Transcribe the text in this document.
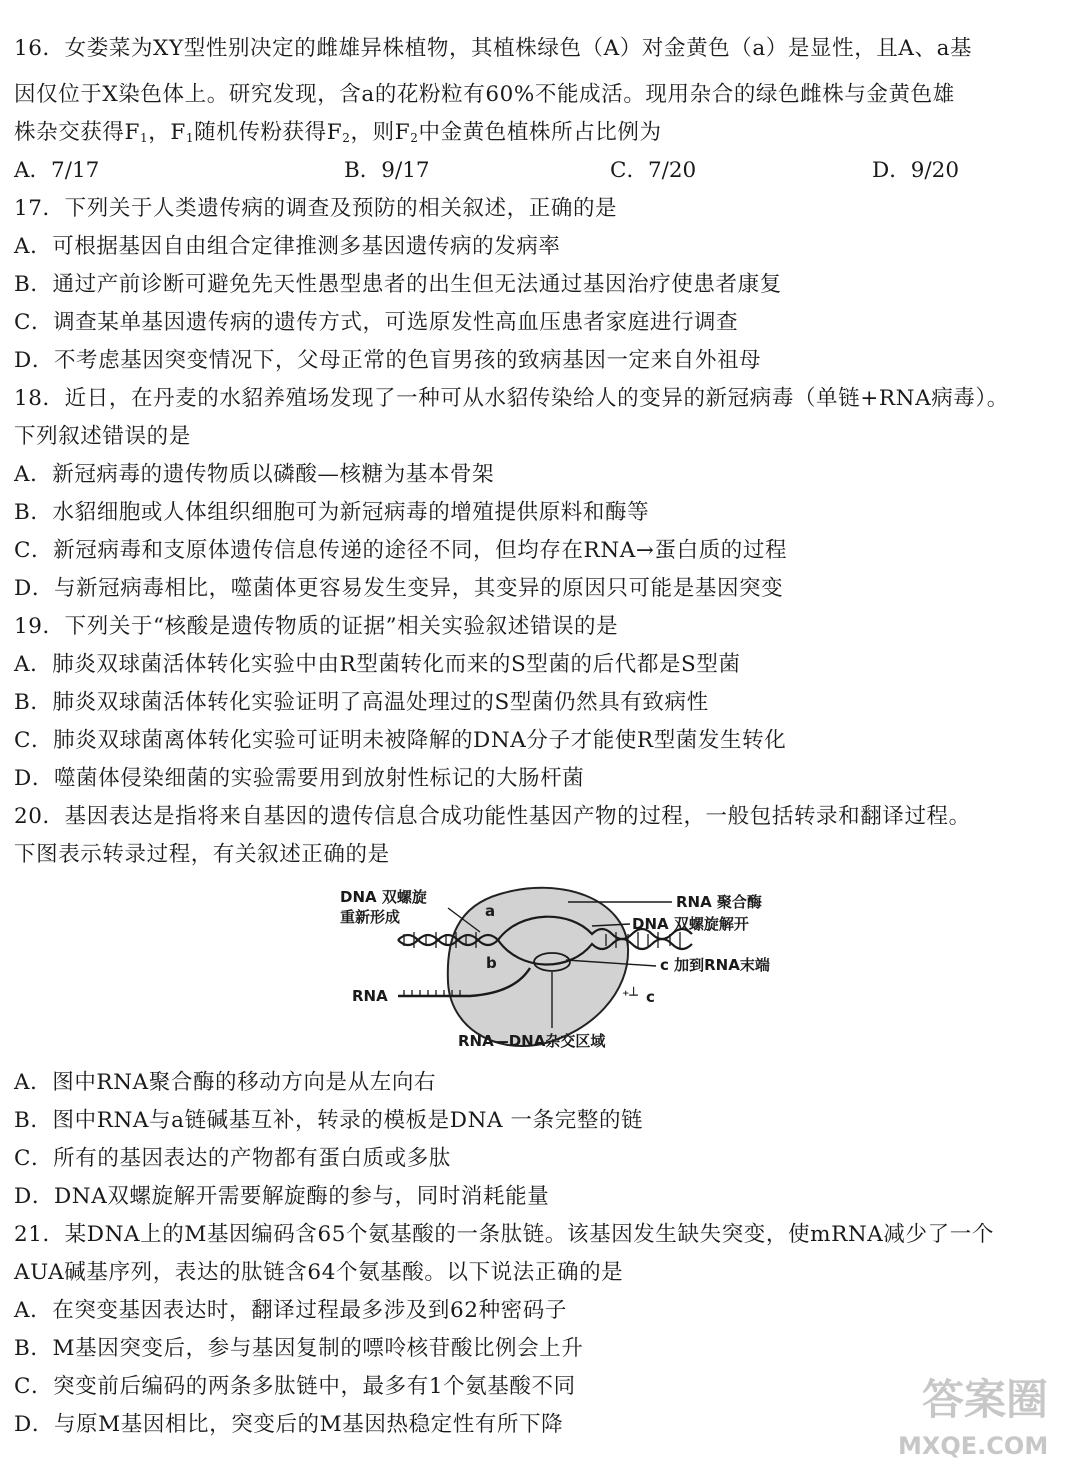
16．女娄菜为XY型性别决定的雌雄异株植物，其植株绿色（A）对金黄色（a）是显性，且A、a基
因仅位于X染色体上。研究发现，含a的花粉粒有60%不能成活。现用杂合的绿色雌株与金黄色雄
株杂交获得$F_1$，$F_1$随机传粉获得$F_2$，则$F_2$中金黄色植株所占比例为
A．7/17	B．9/17	C．7/20	D．9/20
17．下列关于人类遗传病的调查及预防的相关叙述，正确的是
A．可根据基因自由组合定律推测多基因遗传病的发病率
B．通过产前诊断可避免先天性愚型患者的出生但无法通过基因治疗使患者康复
C．调查某单基因遗传病的遗传方式，可选原发性高血压患者家庭进行调查
D．不考虑基因突变情况下，父母正常的色盲男孩的致病基因一定来自外祖母
18．近日，在丹麦的水貂养殖场发现了一种可从水貂传染给人的变异的新冠病毒（单链+RNA病毒）。
下列叙述错误的是
A．新冠病毒的遗传物质以磷酸—核糖为基本骨架
B．水貂细胞或人体组织细胞可为新冠病毒的增殖提供原料和酶等
C．新冠病毒和支原体遗传信息传递的途径不同，但均存在RNA→蛋白质的过程
D．与新冠病毒相比，噬菌体更容易发生变异，其变异的原因只可能是基因突变
19．下列关于“核酸是遗传物质的证据”相关实验叙述错误的是
A．肺炎双球菌活体转化实验中由R型菌转化而来的S型菌的后代都是S型菌
B．肺炎双球菌活体转化实验证明了高温处理过的S型菌仍然具有致病性
C．肺炎双球菌离体转化实验可证明未被降解的DNA分子才能使R型菌发生转化
D．噬菌体侵染细菌的实验需要用到放射性标记的大肠杆菌
20．基因表达是指将来自基因的遗传信息合成功能性基因产物的过程，一般包括转录和翻译过程。
下图表示转录过程，有关叙述正确的是
⁺┴
DNA 双螺旋
重新形成
RNA 聚合酶
DNA 双螺旋解开
c 加到RNA末端
RNA	c
a
b
RNA—DNA杂交区域
A．图中RNA聚合酶的移动方向是从左向右
B．图中RNA与a链碱基互补，转录的模板是DNA 一条完整的链
C．所有的基因表达的产物都有蛋白质或多肽
D．DNA双螺旋解开需要解旋酶的参与，同时消耗能量
21．某DNA上的M基因编码含65个氨基酸的一条肽链。该基因发生缺失突变，使mRNA减少了一个
AUA碱基序列，表达的肽链含64个氨基酸。以下说法正确的是
A．在突变基因表达时，翻译过程最多涉及到62种密码子
B．M基因突变后，参与基因复制的嘌呤核苷酸比例会上升
C．突变前后编码的两条多肽链中，最多有1个氨基酸不同
D．与原M基因相比，突变后的M基因热稳定性有所下降
答案圈
MXQE.COM
